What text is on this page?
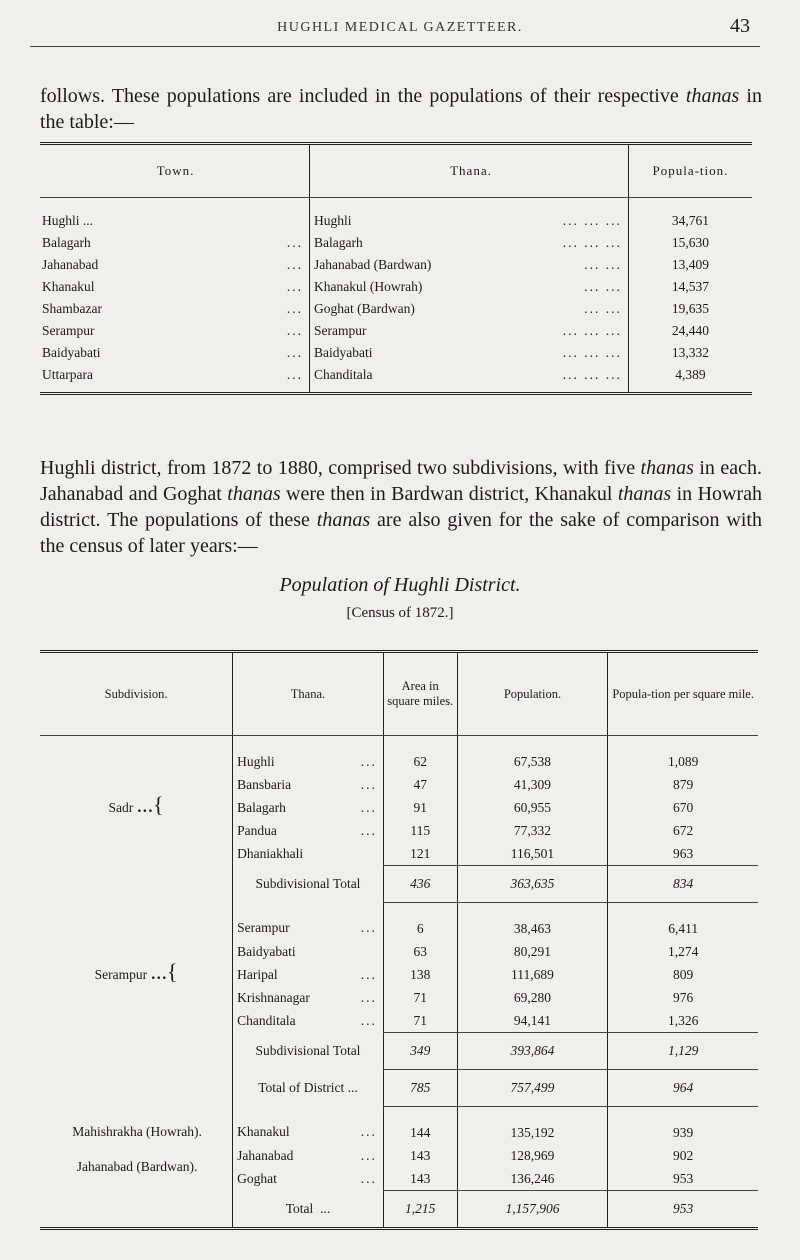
HUGHLI MEDICAL GAZETTEER.	43
follows. These populations are included in the populations of their respective thanas in the table:—
Town.	Thana.	Popula-tion.
Hughli ...	Hughli ... ... ...	34,761
Balagarh ...	Balagarh ... ... ...	15,630
Jahanabad ...	Jahanabad (Bardwan) ... ...	13,409
Khanakul ...	Khanakul (Howrah) ... ...	14,537
Shambazar ...	Goghat (Bardwan) ... ...	19,635
Serampur ...	Serampur ... ... ...	24,440
Baidyabati ...	Baidyabati ... ... ...	13,332
Uttarpara ...	Chanditala ... ... ...	4,389
Hughli district, from 1872 to 1880, comprised two subdivisions, with five thanas in each. Jahanabad and Goghat thanas were then in Bardwan district, Khanakul thanas in Howrah district. The populations of these thanas are also given for the sake of comparison with the census of later years:—
Population of Hughli District.
[Census of 1872.]
Subdivision.	Thana.	Area in square miles.	Population.	Popula-tion per square mile.
Sadr ...{	Hughli ...	62	67,538	1,089
	Bansbaria ...	47	41,309	879
	Balagarh ...	91	60,955	670
	Pandua ...	115	77,332	672
	Dhaniakhali	121	116,501	963
	Subdivisional Total	436	363,635	834
Serampur ...{	Serampur ...	6	38,463	6,411
	Baidyabati	63	80,291	1,274
	Haripal ...	138	111,689	809
	Krishnanagar ...	71	69,280	976
	Chanditala ...	71	94,141	1,326
	Subdivisional Total	349	393,864	1,129
	Total of District ...	785	757,499	964
Mahishrakha (Howrah).	Khanakul ...	144	135,192	939
Jahanabad (Bardwan).	Jahanabad ...	143	128,969	902
	Goghat ...	143	136,246	953
	Total  ...	1,215	1,157,906	953
